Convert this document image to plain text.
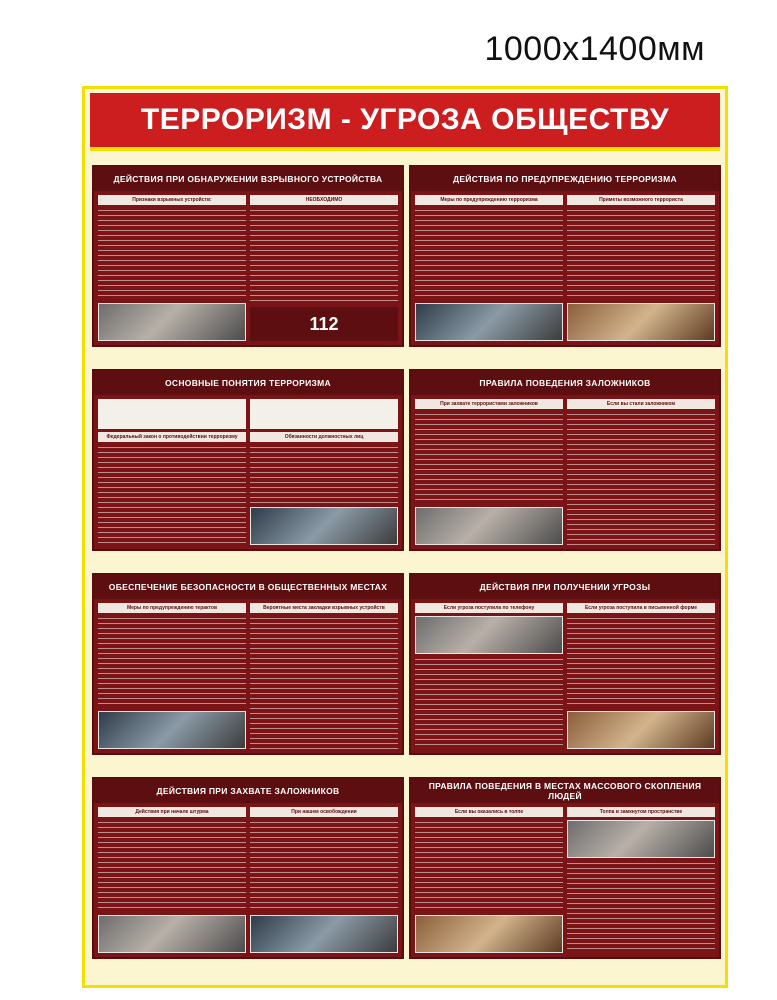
1000х1400мм
ТЕРРОРИЗМ - УГРОЗА ОБЩЕСТВУ
ДЕЙСТВИЯ ПРИ ОБНАРУЖЕНИИ ВЗРЫВНОГО УСТРОЙСТВА
Признаки взрывных устройств:	НЕОБХОДИМО
112
ДЕЙСТВИЯ ПО ПРЕДУПРЕЖДЕНИЮ ТЕРРОРИЗМА
Меры по предупреждению терроризма	Приметы возможного террориста
ОСНОВНЫЕ ПОНЯТИЯ ТЕРРОРИЗМА
Федеральный закон о противодействии терроризму	Обязанности должностных лиц
ПРАВИЛА ПОВЕДЕНИЯ ЗАЛОЖНИКОВ
При захвате террористами заложников	Если вы стали заложником
ОБЕСПЕЧЕНИЕ БЕЗОПАСНОСТИ В ОБЩЕСТВЕННЫХ МЕСТАХ
Меры по предупреждению терактов	Вероятные места закладки взрывных устройств
ДЕЙСТВИЯ ПРИ ПОЛУЧЕНИИ УГРОЗЫ
Если угроза поступила по телефону	Если угроза поступила в письменной форме
ДЕЙСТВИЯ ПРИ ЗАХВАТЕ ЗАЛОЖНИКОВ
Действия при начале штурма	При нашем освобождении
ПРАВИЛА ПОВЕДЕНИЯ В МЕСТАХ МАССОВОГО СКОПЛЕНИЯ ЛЮДЕЙ
Если вы оказались в толпе	Толпа в замкнутом пространстве
